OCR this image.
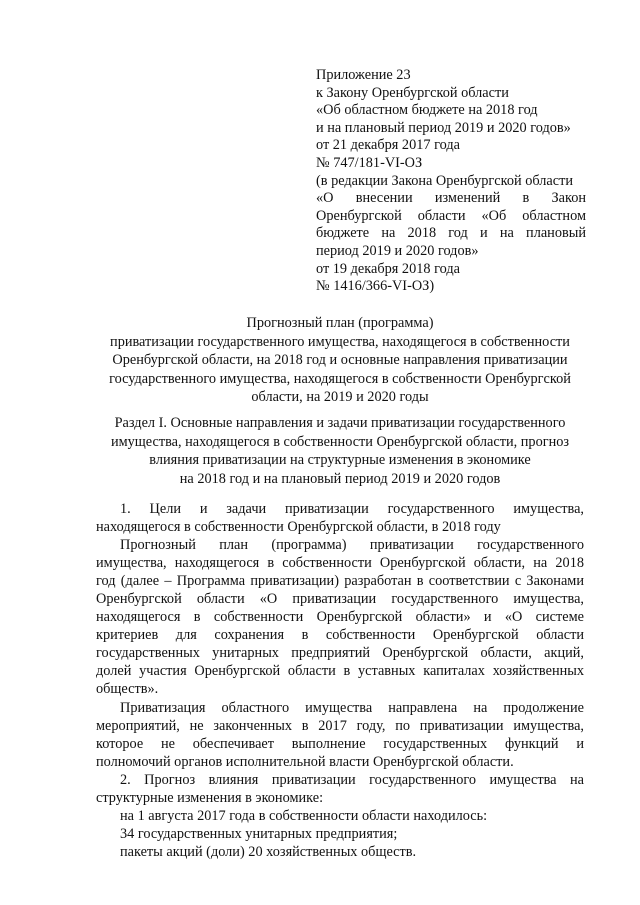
Приложение 23
к Закону Оренбургской области
«Об областном бюджете на 2018 год
и на плановый период 2019 и 2020 годов»
от 21 декабря 2017 года
№ 747/181-VI-ОЗ
(в редакции Закона Оренбургской области
«О внесении изменений в Закон
Оренбургской области «Об областном
бюджете на 2018 год и на плановый
период 2019 и 2020 годов»
от 19 декабря 2018 года
№ 1416/366-VI-ОЗ)
Прогнозный план (программа)
приватизации государственного имущества, находящегося в собственности
Оренбургской области, на 2018 год и основные направления приватизации
государственного имущества, находящегося в собственности Оренбургской
области, на 2019 и 2020 годы
Раздел I. Основные направления и задачи приватизации государственного
имущества, находящегося в собственности Оренбургской области, прогноз
влияния приватизации на структурные изменения в экономике
на 2018 год и на плановый период 2019 и 2020 годов
1. Цели и задачи приватизации государственного имущества,
находящегося в собственности Оренбургской области, в 2018 году
Прогнозный план (программа) приватизации государственного
имущества, находящегося в собственности Оренбургской области, на 2018
год (далее – Программа приватизации) разработан в соответствии с Законами
Оренбургской области «О приватизации государственного имущества,
находящегося в собственности Оренбургской области» и «О системе
критериев для сохранения в собственности Оренбургской области
государственных унитарных предприятий Оренбургской области, акций,
долей участия Оренбургской области в уставных капиталах хозяйственных
обществ».
Приватизация областного имущества направлена на продолжение
мероприятий, не законченных в 2017 году, по приватизации имущества,
которое не обеспечивает выполнение государственных функций и
полномочий органов исполнительной власти Оренбургской области.
2. Прогноз влияния приватизации государственного имущества на
структурные изменения в экономике:
на 1 августа 2017 года в собственности области находилось:
34 государственных унитарных предприятия;
пакеты акций (доли) 20 хозяйственных обществ.
